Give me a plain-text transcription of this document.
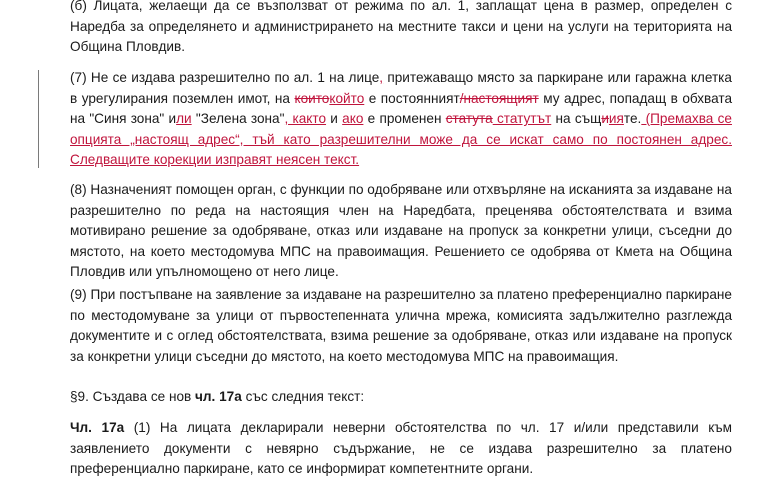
(б) Лицата, желаещи да се възползват от режима по ал. 1, заплащат цена в размер, определен с Наредба за определянето и администрирането на местните такси и цени на услуги на територията на Община Пловдив.

(7) Не се издава разрешително по ал. 1 на лице, притежаващо място за паркиране или гаражна клетка в урегулирания поземлен имот, на коитокойто е постоянният/настоящият му адрес, попадащ в обхвата на "Синя зона" или "Зелена зона", както и ако е променен статута статутът на същиияте. (Премахва се опцията „настоящ адрес“, тъй като разрешителни може да се искат само по постоянен адрес. Следващите корекции изправят неясен текст.

(8) Назначеният помощен орган, с функции по одобряване или отхвърляне на исканията за издаване на разрешително по реда на настоящия член на Наредбата, преценява обстоятелствата и взима мотивирано решение за одобряване, отказ или издаване на пропуск за конкретни улици, съседни до мястото, на което местодомува МПС на правоимащия. Решението се одобрява от Кмета на Община Пловдив или упълномощено от него лице.

(9) При постъпване на заявление за издаване на разрешително за платено преференциално паркиране по местодомуване за улици от първостепенната улична мрежа, комисията задължително разглежда документите и с оглед обстоятелствата, взима решение за одобряване, отказ или издаване на пропуск за конкретни улици съседни до мястото, на което местодомува МПС на правоимащия.

§9. Създава се нов чл. 17а със следния текст:

Чл. 17а (1) На лицата декларирали неверни обстоятелства по чл. 17 и/или представили към заявлението документи с невярно съдържание, не се издава разрешително за платено преференциално паркиране, като се информират компетентните органи.
